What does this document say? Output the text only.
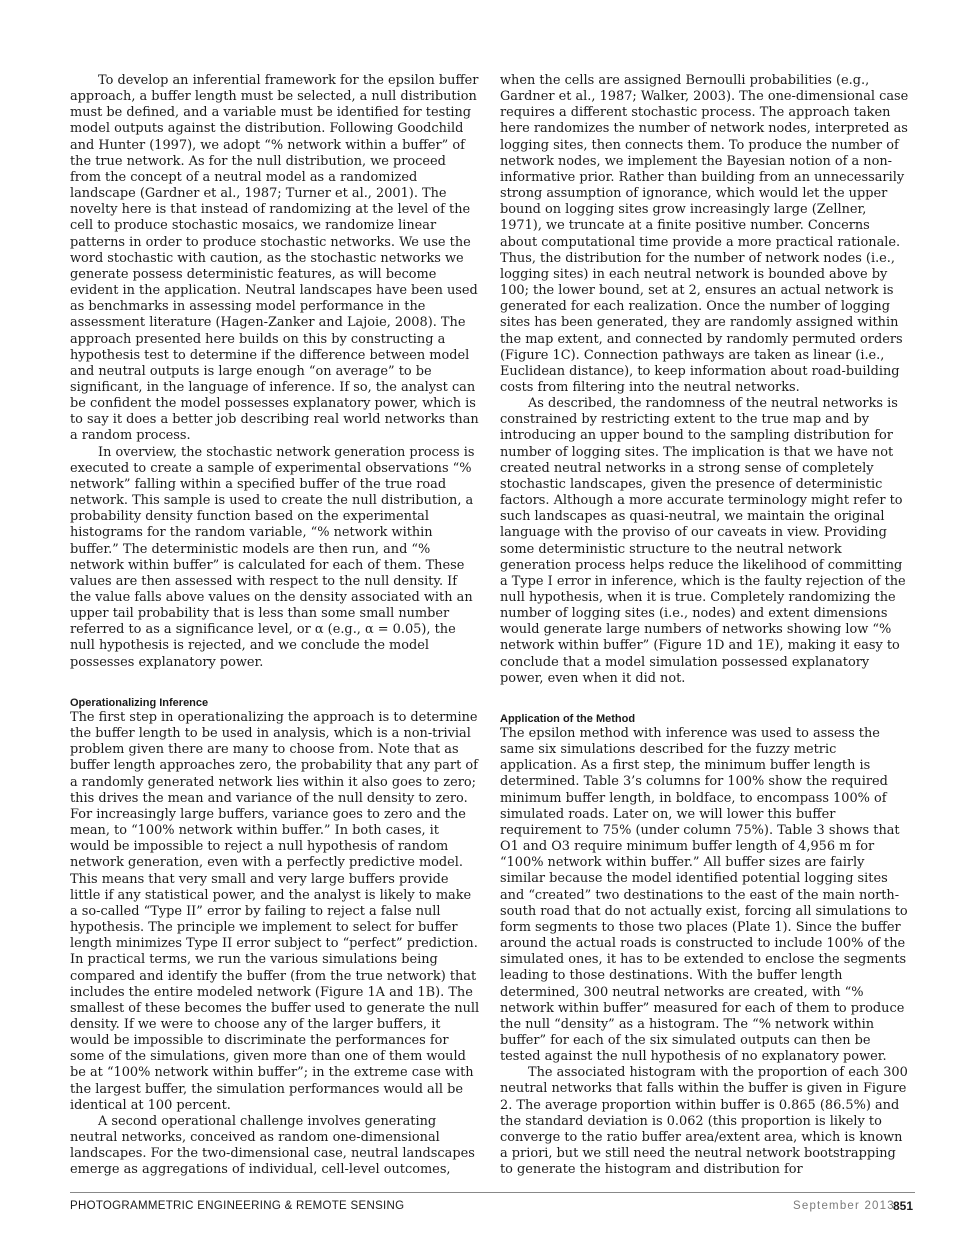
To develop an inferential framework for the epsilon buffer approach, a buffer length must be selected, a null distribution must be defined, and a variable must be identified for testing model outputs against the distribution. Following Goodchild and Hunter (1997), we adopt “% network within a buffer” of the true network. As for the null distribution, we proceed from the concept of a neutral model as a randomized landscape (Gardner et al., 1987; Turner et al., 2001). The novelty here is that instead of randomizing at the level of the cell to produce stochastic mosaics, we randomize linear patterns in order to produce stochastic networks. We use the word stochastic with caution, as the stochastic networks we generate possess deterministic features, as will become evident in the application. Neutral landscapes have been used as benchmarks in assessing model performance in the assessment literature (Hagen-Zanker and Lajoie, 2008). The approach presented here builds on this by constructing a hypothesis test to determine if the difference between model and neutral outputs is large enough “on average” to be significant, in the language of inference. If so, the analyst can be confident the model possesses explanatory power, which is to say it does a better job describing real world networks than a random process.

In overview, the stochastic network generation process is executed to create a sample of experimental observations “% network” falling within a specified buffer of the true road network. This sample is used to create the null distribution, a probability density function based on the experimental histograms for the random variable, “% network within buffer.” The deterministic models are then run, and “% network within buffer” is calculated for each of them. These values are then assessed with respect to the null density. If the value falls above values on the density associated with an upper tail probability that is less than some small number referred to as a significance level, or α (e.g., α = 0.05), the null hypothesis is rejected, and we conclude the model possesses explanatory power.

Operationalizing Inference

The first step in operationalizing the approach is to determine the buffer length to be used in analysis, which is a non-trivial problem given there are many to choose from. Note that as buffer length approaches zero, the probability that any part of a randomly generated network lies within it also goes to zero; this drives the mean and variance of the null density to zero. For increasingly large buffers, variance goes to zero and the mean, to “100% network within buffer.” In both cases, it would be impossible to reject a null hypothesis of random network generation, even with a perfectly predictive model. This means that very small and very large buffers provide little if any statistical power, and the analyst is likely to make a so-called “Type II” error by failing to reject a false null hypothesis. The principle we implement to select for buffer length minimizes Type II error subject to “perfect” prediction. In practical terms, we run the various simulations being compared and identify the buffer (from the true network) that includes the entire modeled network (Figure 1A and 1B). The smallest of these becomes the buffer used to generate the null density. If we were to choose any of the larger buffers, it would be impossible to discriminate the performances for some of the simulations, given more than one of them would be at “100% network within buffer”; in the extreme case with the largest buffer, the simulation performances would all be identical at 100 percent.

A second operational challenge involves generating neutral networks, conceived as random one-dimensional landscapes. For the two-dimensional case, neutral landscapes emerge as aggregations of individual, cell-level outcomes,

when the cells are assigned Bernoulli probabilities (e.g., Gardner et al., 1987; Walker, 2003). The one-dimensional case requires a different stochastic process. The approach taken here randomizes the number of network nodes, interpreted as logging sites, then connects them. To produce the number of network nodes, we implement the Bayesian notion of a non-informative prior. Rather than building from an unnecessarily strong assumption of ignorance, which would let the upper bound on logging sites grow increasingly large (Zellner, 1971), we truncate at a finite positive number. Concerns about computational time provide a more practical rationale. Thus, the distribution for the number of network nodes (i.e., logging sites) in each neutral network is bounded above by 100; the lower bound, set at 2, ensures an actual network is generated for each realization. Once the number of logging sites has been generated, they are randomly assigned within the map extent, and connected by randomly permuted orders (Figure 1C). Connection pathways are taken as linear (i.e., Euclidean distance), to keep information about road-building costs from filtering into the neutral networks.

As described, the randomness of the neutral networks is constrained by restricting extent to the true map and by introducing an upper bound to the sampling distribution for number of logging sites. The implication is that we have not created neutral networks in a strong sense of completely stochastic landscapes, given the presence of deterministic factors. Although a more accurate terminology might refer to such landscapes as quasi-neutral, we maintain the original language with the proviso of our caveats in view. Providing some deterministic structure to the neutral network generation process helps reduce the likelihood of committing a Type I error in inference, which is the faulty rejection of the null hypothesis, when it is true. Completely randomizing the number of logging sites (i.e., nodes) and extent dimensions would generate large numbers of networks showing low “% network within buffer” (Figure 1D and 1E), making it easy to conclude that a model simulation possessed explanatory power, even when it did not.

Application of the Method

The epsilon method with inference was used to assess the same six simulations described for the fuzzy metric application. As a first step, the minimum buffer length is determined. Table 3’s columns for 100% show the required minimum buffer length, in boldface, to encompass 100% of simulated roads. Later on, we will lower this buffer requirement to 75% (under column 75%). Table 3 shows that O1 and O3 require minimum buffer length of 4,956 m for “100% network within buffer.” All buffer sizes are fairly similar because the model identified potential logging sites and “created” two destinations to the east of the main north-south road that do not actually exist, forcing all simulations to form segments to those two places (Plate 1). Since the buffer around the actual roads is constructed to include 100% of the simulated ones, it has to be extended to enclose the segments leading to those destinations. With the buffer length determined, 300 neutral networks are created, with “% network within buffer” measured for each of them to produce the null “density” as a histogram. The “% network within buffer” for each of the six simulated outputs can then be tested against the null hypothesis of no explanatory power.

The associated histogram with the proportion of each 300 neutral networks that falls within the buffer is given in Figure 2. The average proportion within buffer is 0.865 (86.5%) and the standard deviation is 0.062 (this proportion is likely to converge to the ratio buffer area/extent area, which is known a priori, but we still need the neutral network bootstrapping to generate the histogram and distribution for

PHOTOGRAMMETRIC ENGINEERING & REMOTE SENSING	September 2013
851
